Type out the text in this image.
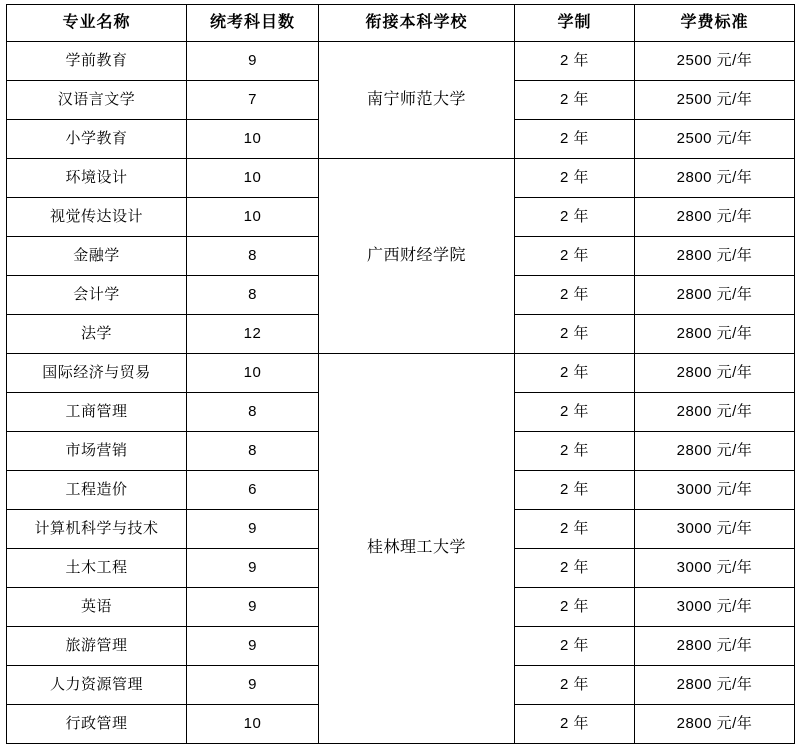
专业名称	统考科目数	衔接本科学校	学制	学费标准
学前教育	9	南宁师范大学	2 年	2500 元/年
汉语言文学	7		2 年	2500 元/年
小学教育	10		2 年	2500 元/年
环境设计	10	广西财经学院	2 年	2800 元/年
视觉传达设计	10		2 年	2800 元/年
金融学	8		2 年	2800 元/年
会计学	8		2 年	2800 元/年
法学	12		2 年	2800 元/年
国际经济与贸易	10	桂林理工大学	2 年	2800 元/年
工商管理	8		2 年	2800 元/年
市场营销	8		2 年	2800 元/年
工程造价	6		2 年	3000 元/年
计算机科学与技术	9		2 年	3000 元/年
土木工程	9		2 年	3000 元/年
英语	9		2 年	3000 元/年
旅游管理	9		2 年	2800 元/年
人力资源管理	9		2 年	2800 元/年
行政管理	10		2 年	2800 元/年
